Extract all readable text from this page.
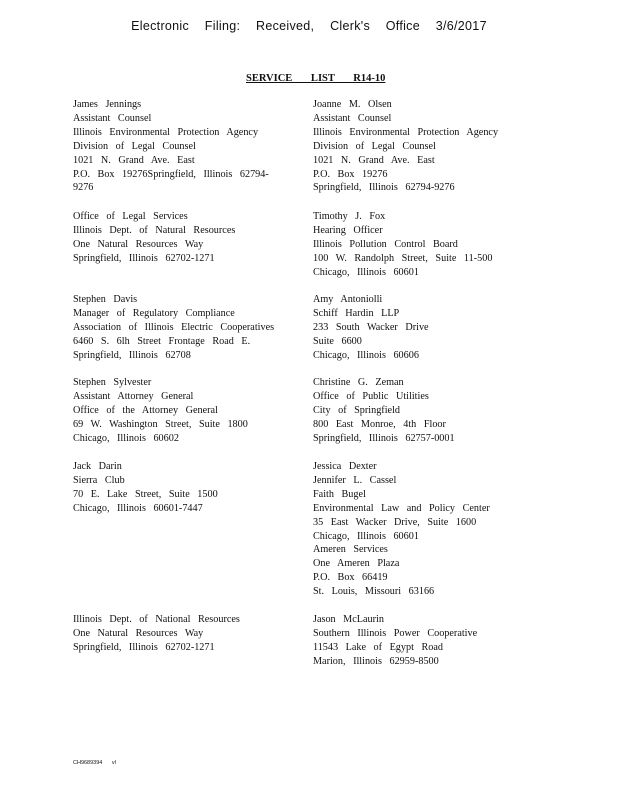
Electronic Filing: Received, Clerk's Office 3/6/2017
SERVICE LIST R14-10
James Jennings
Assistant Counsel
Illinois Environmental Protection Agency
Division of Legal Counsel
1021 N. Grand Ave. East
P.O. Box 19276Springfield, Illinois 62794-
9276
Office of Legal Services
Illinois Dept. of Natural Resources
One Natural Resources Way
Springfield, Illinois 62702-1271
Stephen Davis
Manager of Regulatory Compliance
Association of Illinois Electric Cooperatives
6460 S. 6lh Street Frontage Road E.
Springfield, Illinois 62708
Stephen Sylvester
Assistant Attorney General
Office of the Attorney General
69 W. Washington Street, Suite 1800
Chicago, Illinois 60602
Jack Darin
Sierra Club
70 E. Lake Street, Suite 1500
Chicago, Illinois 60601-7447
Illinois Dept. of National Resources
One Natural Resources Way
Springfield, Illinois 62702-1271
Joanne M. Olsen
Assistant Counsel
Illinois Environmental Protection Agency
Division of Legal Counsel
1021 N. Grand Ave. East
P.O. Box 19276
Springfield, Illinois 62794-9276
Timothy J. Fox
Hearing Officer
Illinois Pollution Control Board
100 W. Randolph Street, Suite 11-500
Chicago, Illinois 60601
Amy Antoniolli
Schiff Hardin LLP
233 South Wacker Drive
Suite 6600
Chicago, Illinois 60606
Christine G. Zeman
Office of Public Utilities
City of Springfield
800 East Monroe, 4th Floor
Springfield, Illinois 62757-0001
Jessica Dexter
Jennifer L. Cassel
Faith Bugel
Environmental Law and Policy Center
35 East Wacker Drive, Suite 1600
Chicago, Illinois 60601
Ameren Services
One Ameren Plaza
P.O. Box 66419
St. Louis, Missouri 63166
Jason McLaurin
Southern Illinois Power Cooperative
11543 Lake of Egypt Road
Marion, Illinois 62959-8500
CH9689394 vl
